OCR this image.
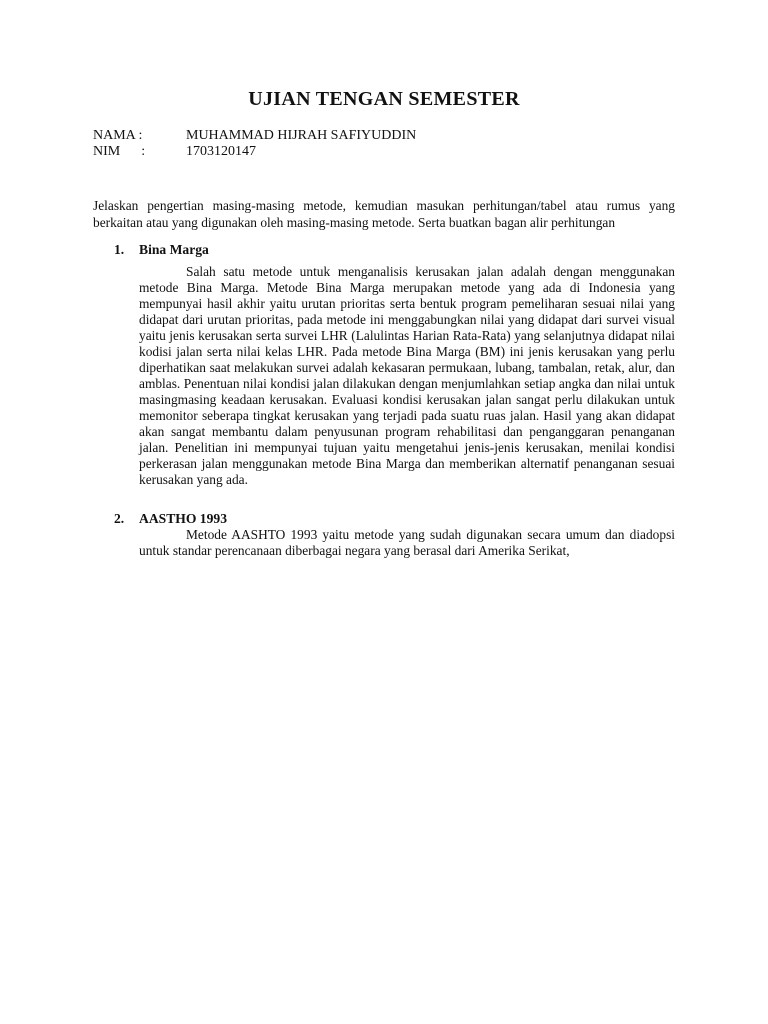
UJIAN TENGAN SEMESTER
NAMA :	MUHAMMAD HIJRAH SAFIYUDDIN
NIM      :	1703120147
Jelaskan pengertian masing-masing metode, kemudian masukan perhitungan/tabel atau rumus yang berkaitan atau yang digunakan oleh masing-masing metode. Serta buatkan bagan alir perhitungan
1. Bina Marga
Salah satu metode untuk menganalisis kerusakan jalan adalah dengan menggunakan metode Bina Marga. Metode Bina Marga merupakan metode yang ada di Indonesia yang mempunyai hasil akhir yaitu urutan prioritas serta bentuk program pemeliharan sesuai nilai yang didapat dari urutan prioritas, pada metode ini menggabungkan nilai yang didapat dari survei visual yaitu jenis kerusakan serta survei LHR (Lalulintas Harian Rata-Rata) yang selanjutnya didapat nilai kodisi jalan serta nilai kelas LHR. Pada metode Bina Marga (BM) ini jenis kerusakan yang perlu diperhatikan saat melakukan survei adalah kekasaran permukaan, lubang, tambalan, retak, alur, dan amblas. Penentuan nilai kondisi jalan dilakukan dengan menjumlahkan setiap angka dan nilai untuk masingmasing keadaan kerusakan. Evaluasi kondisi kerusakan jalan sangat perlu dilakukan untuk memonitor seberapa tingkat kerusakan yang terjadi pada suatu ruas jalan. Hasil yang akan didapat akan sangat membantu dalam penyusunan program rehabilitasi dan penganggaran penanganan jalan. Penelitian ini mempunyai tujuan yaitu mengetahui jenis-jenis kerusakan, menilai kondisi perkerasan jalan menggunakan metode Bina Marga dan memberikan alternatif penanganan sesuai kerusakan yang ada.
2. AASTHO 1993
Metode AASHTO 1993 yaitu metode yang sudah digunakan secara umum dan diadopsi untuk standar perencanaan diberbagai negara yang berasal dari Amerika Serikat,
